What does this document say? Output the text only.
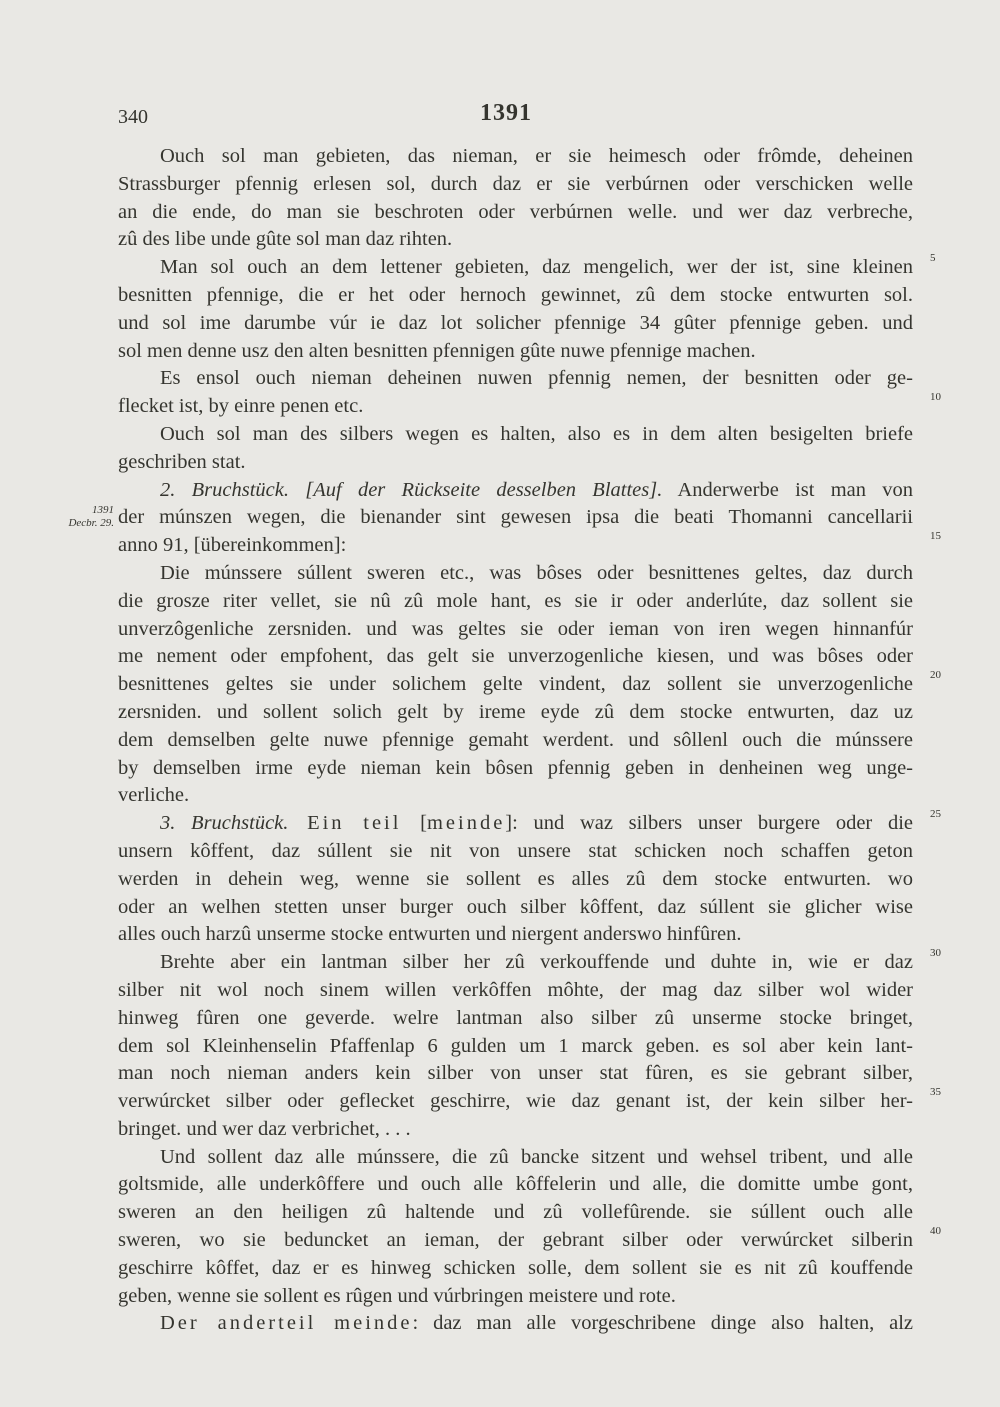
340	1391
1391
Decbr. 29.
Ouch sol man gebieten, das nieman, er sie heimesch oder frômde, deheinen
Strassburger pfennig erlesen sol, durch daz er sie verbúrnen oder verschicken welle
an die ende, do man sie beschroten oder verbúrnen welle. und wer daz verbreche,
zû des libe unde gûte sol man daz rihten.
Man sol ouch an dem lettener gebieten, daz mengelich, wer der ist, sine kleinen 5
besnitten pfennige, die er het oder hernoch gewinnet, zû dem stocke entwurten sol.
und sol ime darumbe vúr ie daz lot solicher pfennige 34 gûter pfennige geben. und
sol men denne usz den alten besnitten pfennigen gûte nuwe pfennige machen.
Es ensol ouch nieman deheinen nuwen pfennig nemen, der besnitten oder ge-
flecket ist, by einre penen etc.	10
Ouch sol man des silbers wegen es halten, also es in dem alten besigelten briefe
geschriben stat.
2. Bruchstück. [Auf der Rückseite desselben Blattes]. Anderwerbe ist man von
der múnszen wegen, die bienander sint gewesen ipsa die beati Thomanni cancellarii
anno 91, [übereinkommen]:	15
Die múnssere súllent sweren etc., was bôses oder besnittenes geltes, daz durch
die grosze riter vellet, sie nû zû mole hant, es sie ir oder anderlúte, daz sollent sie
unverzôgenliche zersniden. und was geltes sie oder ieman von iren wegen hinnanfúr
me nement oder empfohent, das gelt sie unverzogenliche kiesen, und was bôses oder
besnittenes geltes sie under solichem gelte vindent, daz sollent sie unverzogenliche 20
zersniden. und sollent solich gelt by ireme eyde zû dem stocke entwurten, daz uz
dem demselben gelte nuwe pfennige gemaht werdent. und sôllenl ouch die múnssere
by demselben irme eyde nieman kein bôsen pfennig geben in denheinen weg unge-
verliche.
3. Bruchstück. Ein teil [meinde]: und waz silbers unser burgere oder die 25
unsern kôffent, daz súllent sie nit von unsere stat schicken noch schaffen geton
werden in dehein weg, wenne sie sollent es alles zû dem stocke entwurten. wo
oder an welhen stetten unser burger ouch silber kôffent, daz súllent sie glicher wise
alles ouch harzû unserme stocke entwurten und niergent anderswo hinfûren.
Brehte aber ein lantman silber her zû verkouffende und duhte in, wie er daz 30
silber nit wol noch sinem willen verkôffen môhte, der mag daz silber wol wider
hinweg fûren one geverde. welre lantman also silber zû unserme stocke bringet,
dem sol Kleinhenselin Pfaffenlap 6 gulden um 1 marck geben. es sol aber kein lant-
man noch nieman anders kein silber von unser stat fûren, es sie gebrant silber,
verwúrcket silber oder geflecket geschirre, wie daz genant ist, der kein silber her- 35
bringet. und wer daz verbrichet, . . .
Und sollent daz alle múnssere, die zû bancke sitzent und wehsel tribent, und alle
goltsmide, alle underkôffere und ouch alle kôffelerin und alle, die domitte umbe gont,
sweren an den heiligen zû haltende und zû vollefûrende. sie súllent ouch alle
sweren, wo sie beduncket an ieman, der gebrant silber oder verwúrcket silberin 40
geschirre kôffet, daz er es hinweg schicken solle, dem sollent sie es nit zû kouffende
geben, wenne sie sollent es rûgen und vúrbringen meistere und rote.
Der anderteil meinde: daz man alle vorgeschribene dinge also halten, alz
